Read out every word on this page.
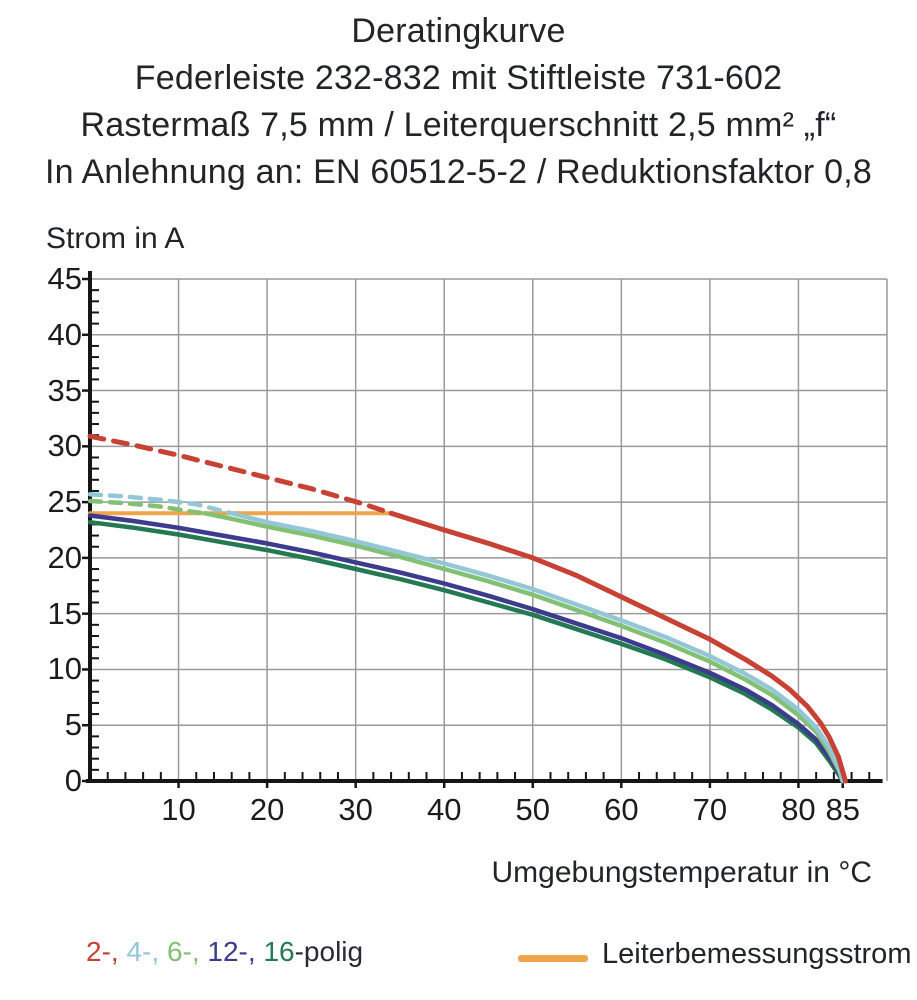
Deratingkurve
Federleiste 232-832 mit Stiftleiste 731-602
Rastermaß 7,5 mm / Leiterquerschnitt 2,5 mm² „f“
In Anlehnung an: EN 60512-5-2 / Reduktionsfaktor 0,8
Strom in A
45
40
35
30
25
20
15
10
5
0
10	20	30	40	50	60	70	80 85
Umgebungstemperatur in °C
2-, 4-, 6-, 12-, 16-polig	Leiterbemessungsstrom
